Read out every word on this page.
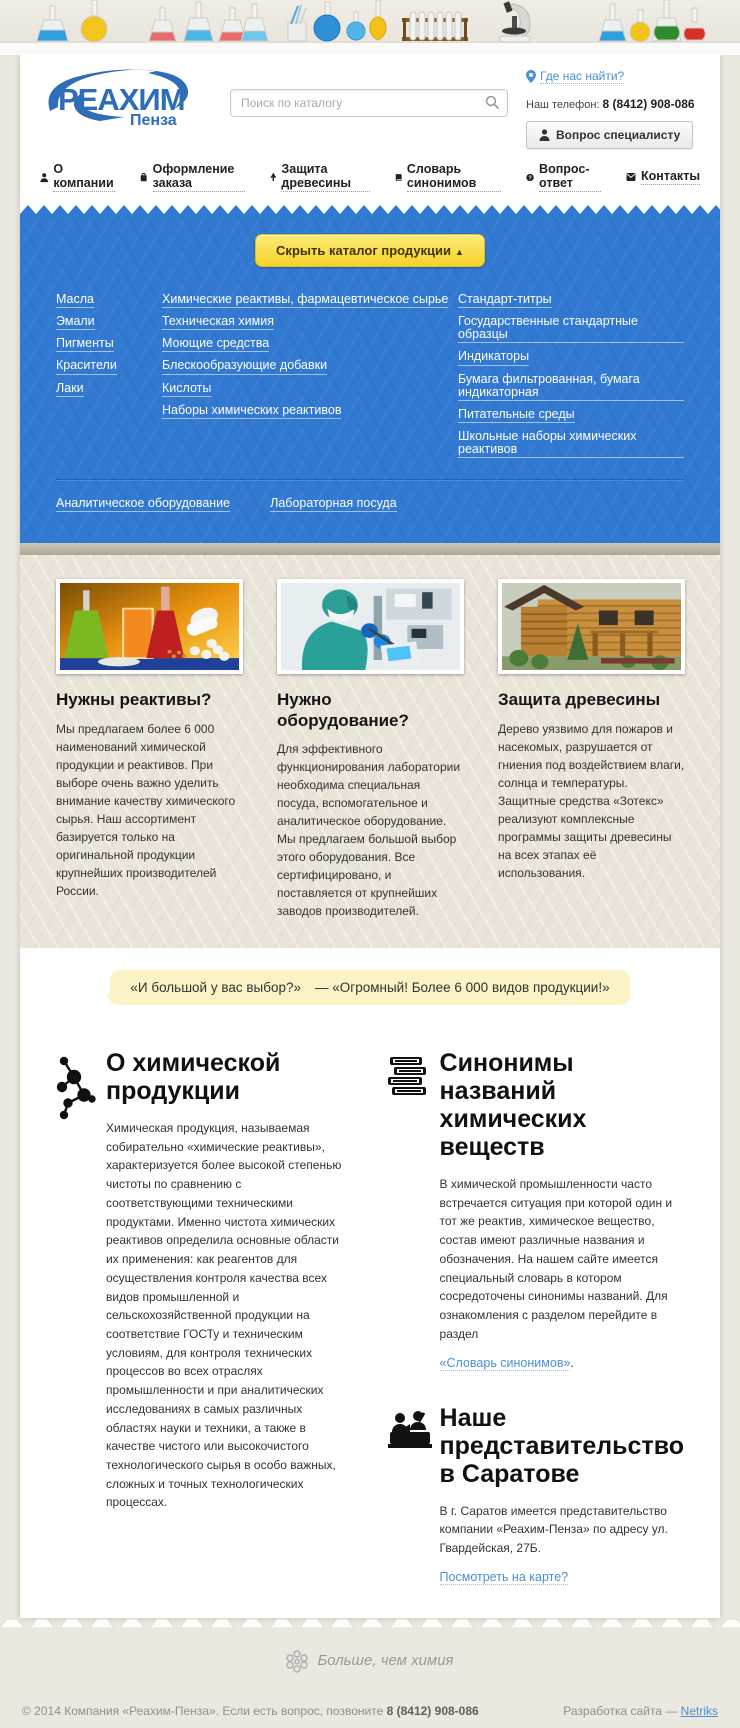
РЕАХИМ
Пенза
Поиск по каталогу
Где нас найти?
Наш телефон: 8 (8412) 908-086
Вопрос специалисту
О компании
Оформление заказа
Защита древесины
Словарь синонимов	?
Вопрос-ответ	Контакты
Скрыть каталог продукции ▲
Масла
Эмали
Пигменты
Красители
Лаки
Химические реактивы, фармацевтическое сырье
Техническая химия
Моющие средства
Блескообразующие добавки
Кислоты
Наборы химических реактивов
Стандарт-титры
Государственные стандартные образцы
Индикаторы
Бумага фильтрованная, бумага индикаторная
Питательные среды
Школьные наборы химических реактивов
Аналитическое оборудование	Лабораторная посуда
Нужны реактивы?
Мы предлагаем более 6 000 наименований химической продукции и реактивов. При выборе очень важно уделить внимание качеству химического сырья. Наш ассортимент базируется только на оригинальной продукции крупнейших производителей России.
Нужно оборудование?
Для эффективного функционирования лаборатории необходима специальная посуда, вспомогательное и аналитическое оборудование. Мы предлагаем большой выбор этого оборудования. Все сертифицировано, и поставляется от крупнейших заводов производителей.
Защита древесины
Дерево уязвимо для пожаров и насекомых, разрушается от гниения под воздействием влаги, солнца и температуры. Защитные средства «Зотекс» реализуют комплексные программы защиты древесины на всех этапах её использования.
«И большой у вас выбор?» — «Огромный! Более 6 000 видов продукции!»
О химической продукции
Химическая продукция, называемая собирательно «химические реактивы», характеризуется более высокой степенью чистоты по сравнению с соответствующими техническими продуктами. Именно чистота химических реактивов определила основные области их применения: как реагентов для осуществления контроля качества всех видов промышленной и сельскохозяйственной продукции на соответствие ГОСТу и техническим условиям, для контроля технических процессов во всех отраслях промышленности и при аналитических исследованиях в самых различных областях науки и техники, а также в качестве чистого или высокочистого технологического сырья в особо важных, сложных и точных технологических процессах.
Синонимы названий химических веществ
В химической промышленности часто встречается ситуация при которой один и тот же реактив, химическое вещество, состав имеют различные названия и обозначения. На нашем сайте имеется специальный словарь в котором сосредоточены синонимы названий. Для ознакомления с разделом перейдите в раздел
«Словарь синонимов».
Наше представительство в Саратове
В г. Саратов имеется представительство компании «Реахим-Пенза» по адресу ул. Гвардейская, 27Б.
Посмотреть на карте?
Больше, чем химия
© 2014 Компания «Реахим-Пенза». Если есть вопрос, позвоните 8 (8412) 908-086	Разработка сайта — Netriks
